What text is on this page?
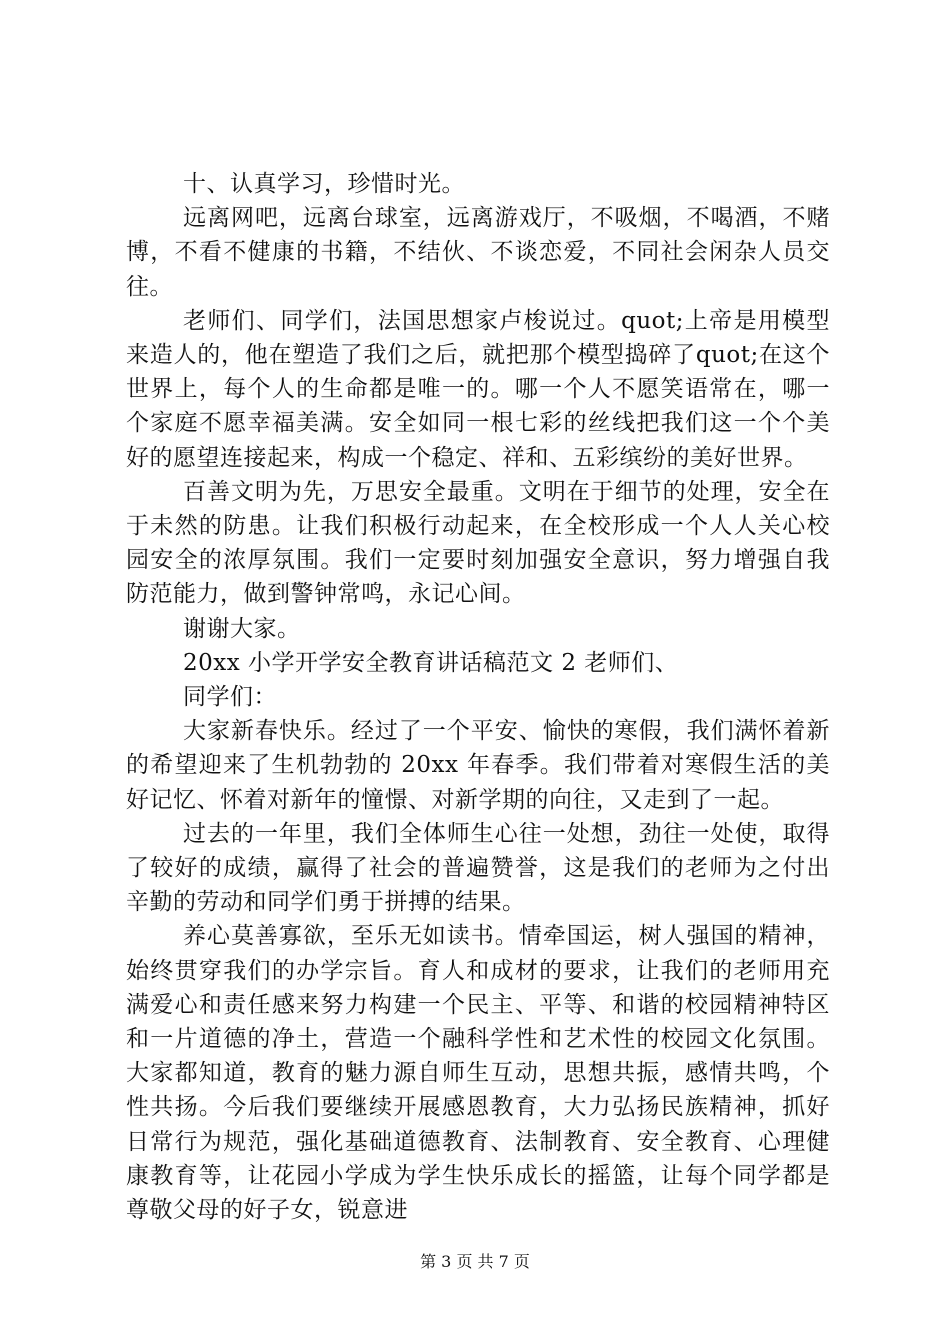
十、认真学习，珍惜时光。

远离网吧，远离台球室，远离游戏厅，不吸烟，不喝酒，不赌博，不看不健康的书籍，不结伙、不谈恋爱，不同社会闲杂人员交往。

老师们、同学们，法国思想家卢梭说过。quot;上帝是用模型来造人的，他在塑造了我们之后，就把那个模型捣碎了quot;在这个世界上，每个人的生命都是唯一的。哪一个人不愿笑语常在，哪一个家庭不愿幸福美满。安全如同一根七彩的丝线把我们这一个个美好的愿望连接起来，构成一个稳定、祥和、五彩缤纷的美好世界。

百善文明为先，万思安全最重。文明在于细节的处理，安全在于未然的防患。让我们积极行动起来，在全校形成一个人人关心校园安全的浓厚氛围。我们一定要时刻加强安全意识，努力增强自我防范能力，做到警钟常鸣，永记心间。

谢谢大家。

20xx 小学开学安全教育讲话稿范文 2 老师们、

同学们：

大家新春快乐。经过了一个平安、愉快的寒假，我们满怀着新的希望迎来了生机勃勃的 20xx 年春季。我们带着对寒假生活的美好记忆、怀着对新年的憧憬、对新学期的向往，又走到了一起。

过去的一年里，我们全体师生心往一处想，劲往一处使，取得了较好的成绩，赢得了社会的普遍赞誉，这是我们的老师为之付出辛勤的劳动和同学们勇于拼搏的结果。

养心莫善寡欲，至乐无如读书。情牵国运，树人强国的精神，始终贯穿我们的办学宗旨。育人和成材的要求，让我们的老师用充满爱心和责任感来努力构建一个民主、平等、和谐的校园精神特区和一片道德的净土，营造一个融科学性和艺术性的校园文化氛围。大家都知道，教育的魅力源自师生互动，思想共振，感情共鸣，个性共扬。今后我们要继续开展感恩教育，大力弘扬民族精神，抓好日常行为规范，强化基础道德教育、法制教育、安全教育、心理健康教育等，让花园小学成为学生快乐成长的摇篮，让每个同学都是尊敬父母的好子女，锐意进

第 3 页 共 7 页
